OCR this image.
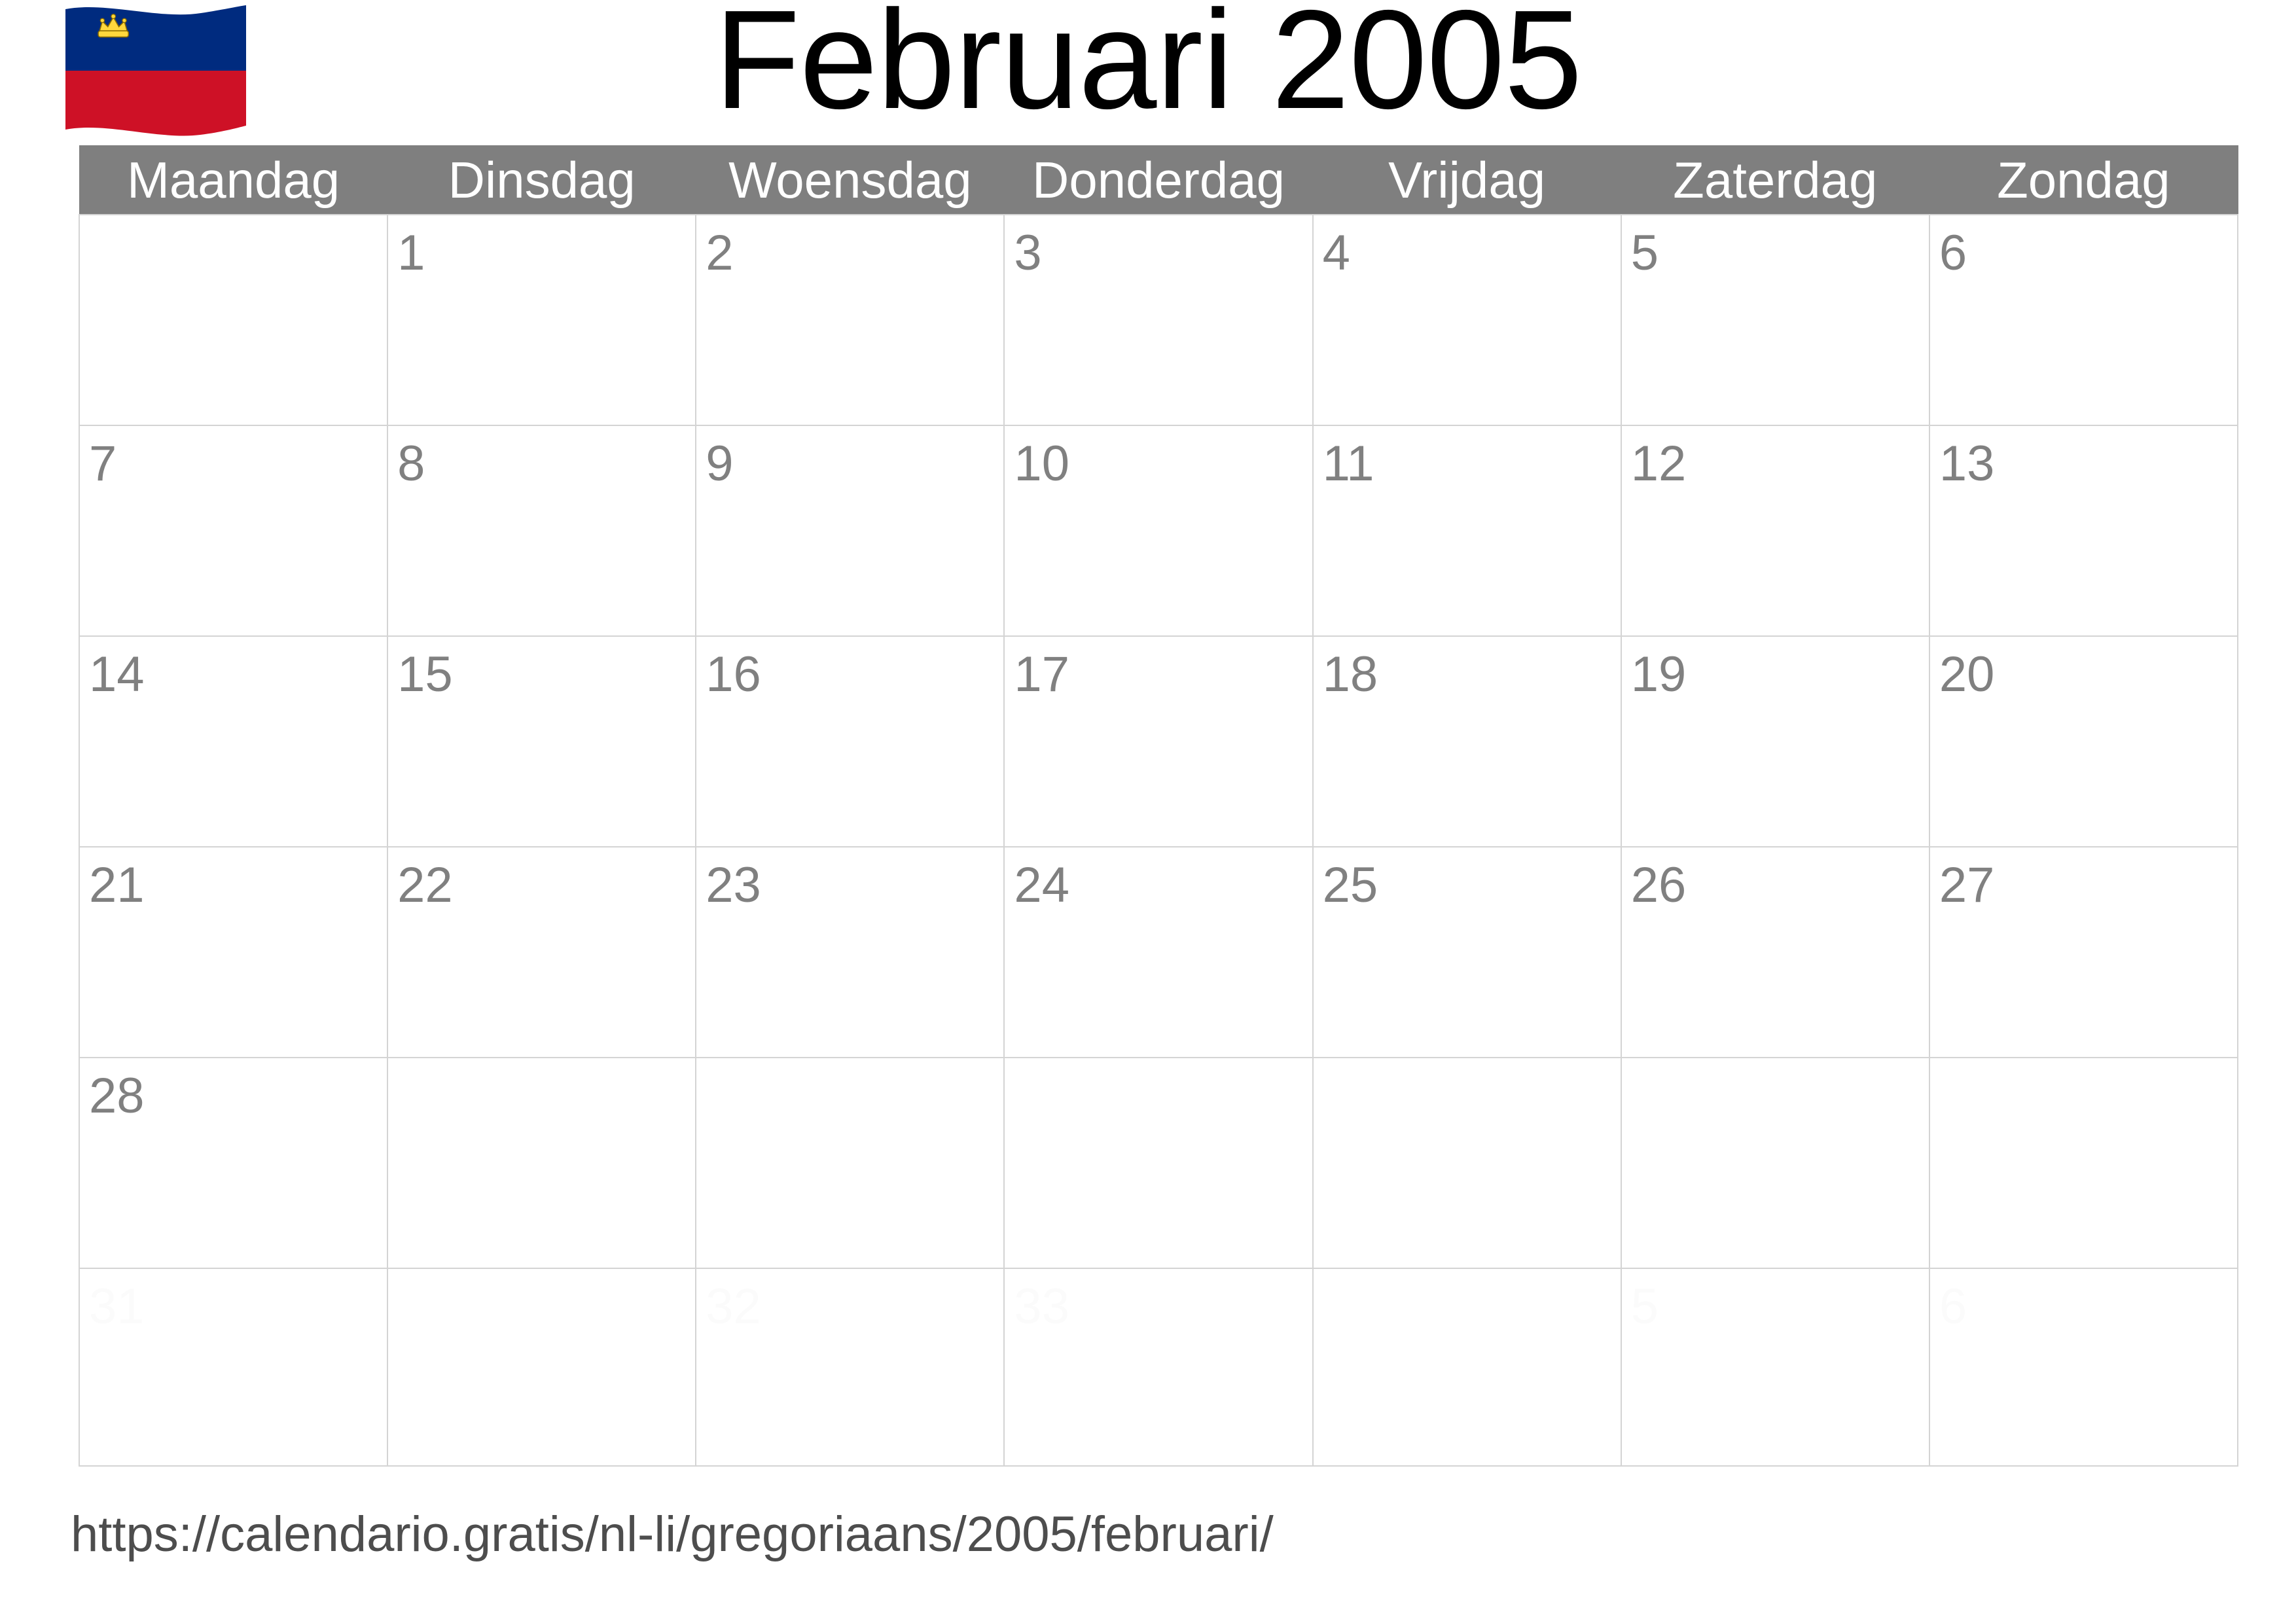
Februari 2005
Maandag	Dinsdag	Woensdag	Donderdag	Vrijdag	Zaterdag	Zondag

	1	2	3	4	5	6

7	8	9	10	11	12	13

14	15	16	17	18	19	20

21	22	23	24	25	26	27

28						

31		32	33		5	6
https://calendario.gratis/nl-li/gregoriaans/2005/februari/
